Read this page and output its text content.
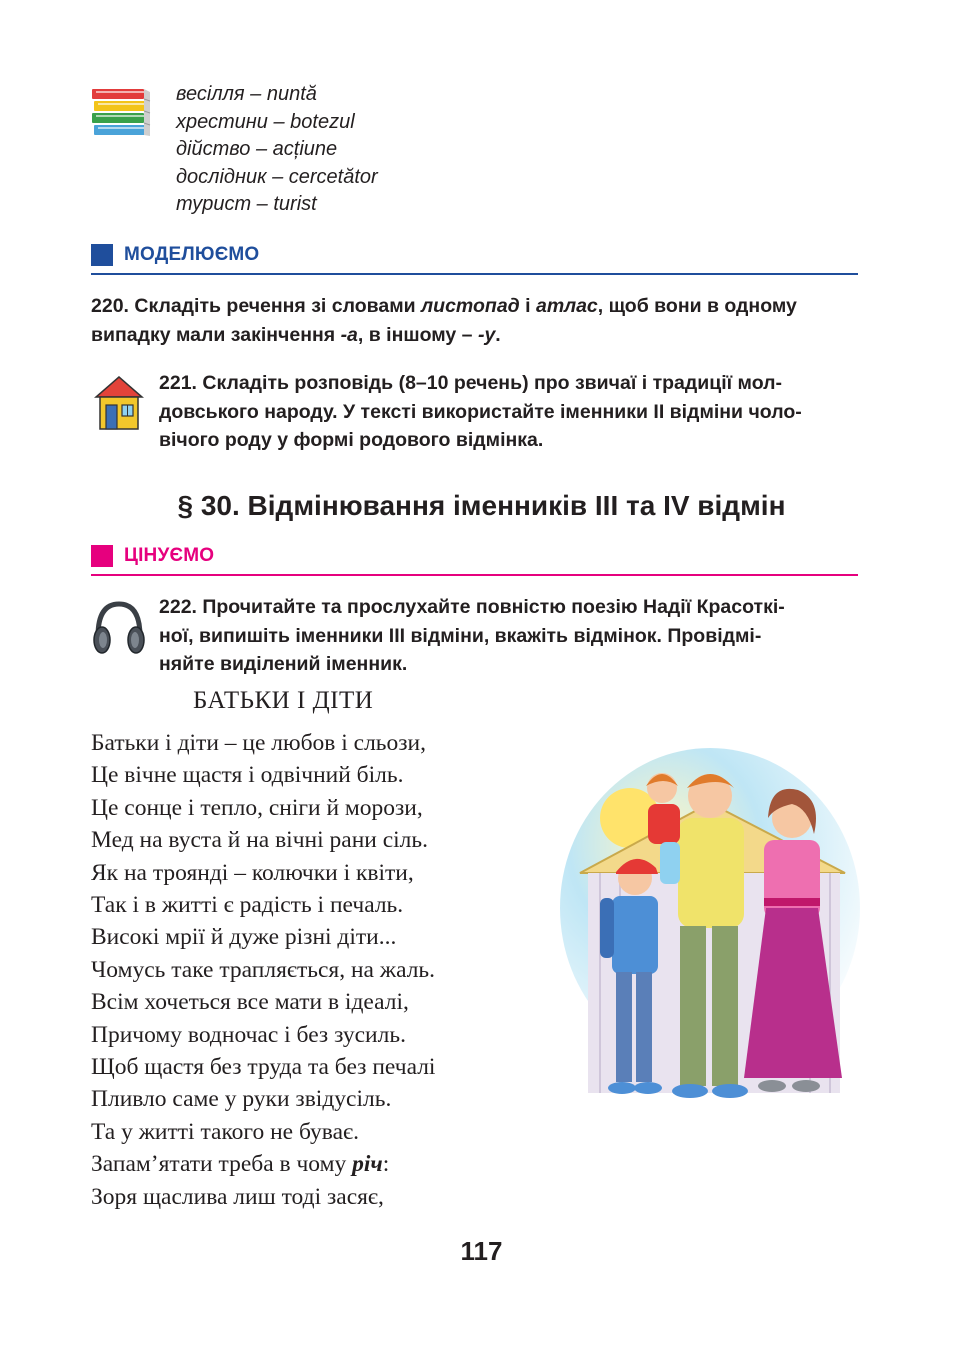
весілля – nuntă
хрестини – botezul
дійство – acțiune
дослідник – cercetător
турист – turist
МОДЕЛЮЄМО
220. Складіть речення зі словами листопад і атлас, щоб вони в одному
випадку мали закінчення -а, в іншому – -у.
221. Складіть розповідь (8–10 речень) про звичаї і традиції мол-
довського народу. У тексті використайте іменники ІІ відміни чоло-
вічого роду у формі родового відмінка.
§ 30. Відмінювання іменників ІІІ та IV відмін
ЦІНУЄМО
222. Прочитайте та прослухайте повністю поезію Надії Красоткі-
ної, випишіть іменники ІІІ відміни, вкажіть відмінок. Провідмі-
няйте виділений іменник.
БАТЬКИ І ДІТИ
Батьки і діти – це любов і сльози,
Це вічне щастя і одвічний біль.
Це сонце і тепло, сніги й морози,
Мед на вуста й на вічні рани сіль.
Як на троянді – колючки і квіти,
Так і в житті є радість і печаль.
Високі мрії й дуже різні діти...
Чомусь таке трапляється, на жаль.
Всім хочеться все мати в ідеалі,
Причому водночас і без зусиль.
Щоб щастя без труда та без печалі
Пливло саме у руки звідусіль.
Та у житті такого не буває.
Запам’ятати треба в чому річ:
Зоря щаслива лиш тоді засяє,
117
